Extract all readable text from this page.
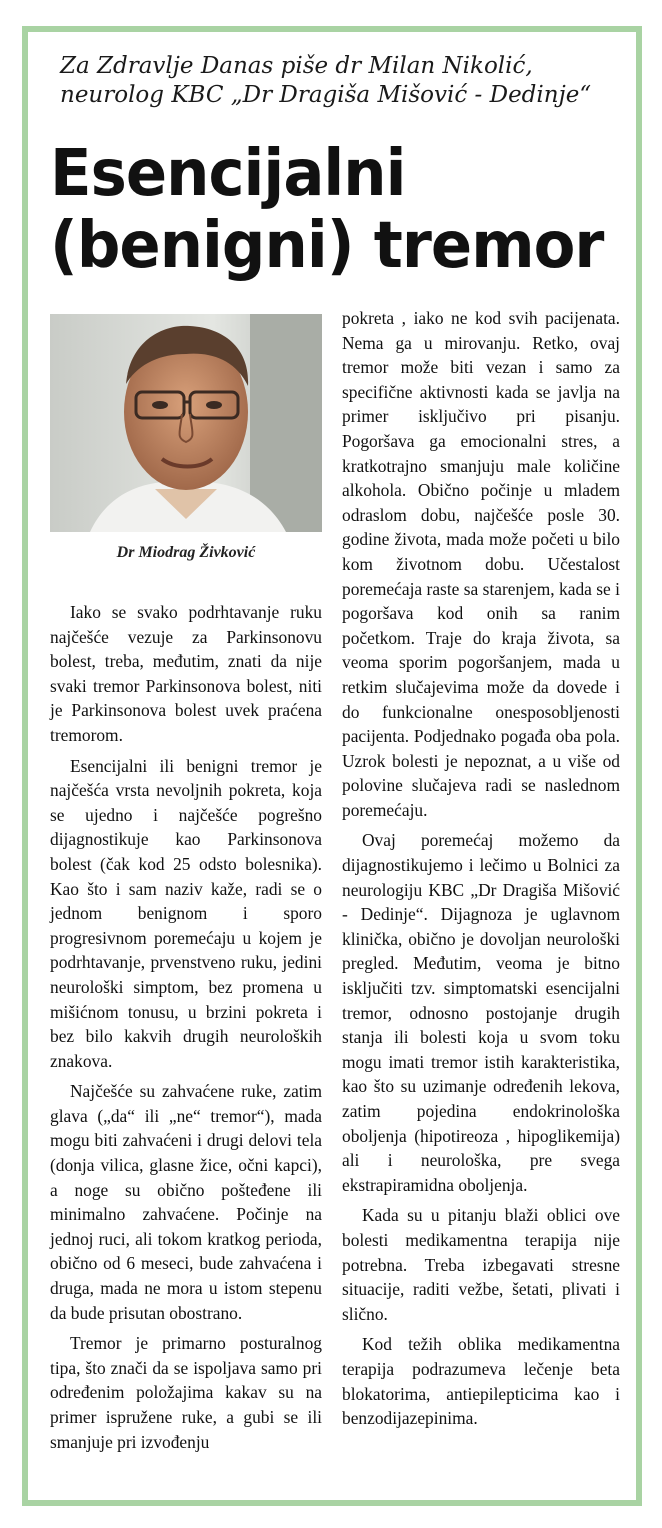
Za Zdravlje Danas piše dr Milan Nikolić,
neurolog KBC „Dr Dragiša Mišović - Dedinje“
Esencijalni
(benigni) tremor
Dr Miodrag Živković

Iako se svako podrhtavanje ruku najčešće vezuje za Parkinsonovu bolest, treba, međutim, znati da nije svaki tremor Parkinsonova bolest, niti je Parkinsonova bolest uvek praćena tremorom.

Esencijalni ili benigni tremor je najčešća vrsta nevoljnih pokreta, koja se ujedno i najčešće pogrešno dijagnostikuje kao Parkinsonova bolest (čak kod 25 odsto bolesnika). Kao što i sam naziv kaže, radi se o jednom benignom i sporo progresivnom poremećaju u kojem je podrhtavanje, prvenstveno ruku, jedini neurološki simptom, bez promena u mišićnom tonusu, u brzini pokreta i bez bilo kakvih drugih neuroloških znakova.

Najčešće su zahvaćene ruke, zatim glava („da“ ili „ne“ tremor“), mada mogu biti zahvaćeni i drugi delovi tela (donja vilica, glasne žice, očni kapci), a noge su obično pošteđene ili minimalno zahvaćene. Počinje na jednoj ruci, ali tokom kratkog perioda, obično od 6 meseci, bude zahvaćena i druga, mada ne mora u istom stepenu da bude prisutan obostrano.

Tremor je primarno posturalnog tipa, što znači da se ispoljava samo pri određenim položajima kakav su na primer ispružene ruke, a gubi se ili smanjuje pri izvođenju

pokreta , iako ne kod svih pacijenata. Nema ga u mirovanju. Retko, ovaj tremor može biti vezan i samo za specifične aktivnosti kada se javlja na primer isključivo pri pisanju. Pogoršava ga emocionalni stres, a kratkotrajno smanjuju male količine alkohola. Obično počinje u mladem odraslom dobu, najčešće posle 30. godine života, mada može početi u bilo kom životnom dobu. Učestalost poremećaja raste sa starenjem, kada se i pogoršava kod onih sa ranim početkom. Traje do kraja života, sa veoma sporim pogoršanjem, mada u retkim slučajevima može da dovede i do funkcionalne onesposobljenosti pacijenta. Podjednako pogađa oba pola. Uzrok bolesti je nepoznat, a u više od polovine slučajeva radi se naslednom poremećaju.

Ovaj poremećaj možemo da dijagnostikujemo i lečimo u Bolnici za neurologiju KBC „Dr Dragiša Mišović - Dedinje“. Dijagnoza je uglavnom klinička, obično je dovoljan neurološki pregled. Međutim, veoma je bitno isključiti tzv. simptomatski esencijalni tremor, odnosno postojanje drugih stanja ili bolesti koja u svom toku mogu imati tremor istih karakteristika, kao što su uzimanje određenih lekova, zatim pojedina endokrinološka oboljenja (hipotireoza , hipoglikemija) ali i neurološka, pre svega ekstrapiramidna oboljenja.

Kada su u pitanju blaži oblici ove bolesti medikamentna terapija nije potrebna. Treba izbegavati stresne situacije, raditi vežbe, šetati, plivati i slično.

Kod težih oblika medikamentna terapija podrazumeva lečenje beta blokatorima, antiepilepticima kao i benzodijazepinima.
